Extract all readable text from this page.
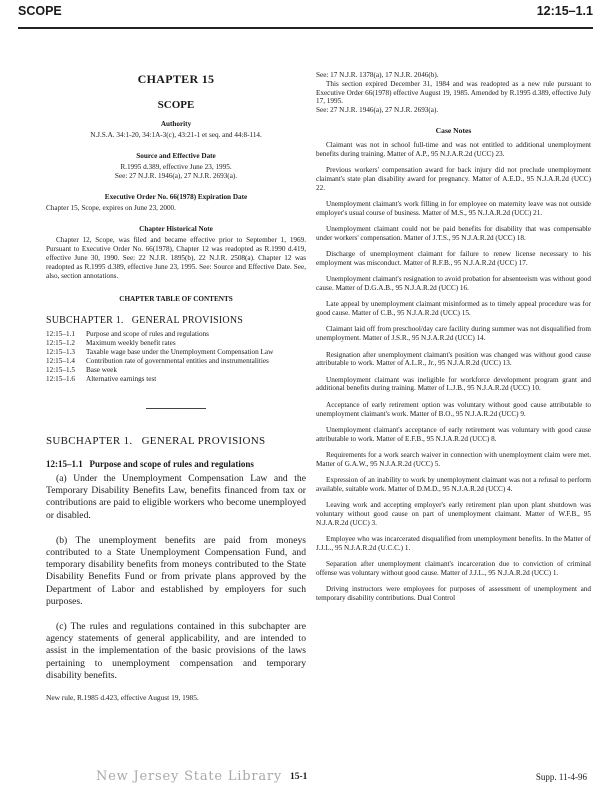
SCOPE	12:15–1.1

CHAPTER 15

SCOPE

Authority

N.J.S.A. 34:1-20, 34:1A-3(c), 43:21-1 et seq. and 44:8-114.

Source and Effective Date

R.1995 d.389, effective June 23, 1995.

See: 27 N.J.R. 1946(a), 27 N.J.R. 2693(a).

Executive Order No. 66(1978) Expiration Date

Chapter 15, Scope, expires on June 23, 2000.

Chapter Historical Note

Chapter 12, Scope, was filed and became effective prior to September 1, 1969. Pursuant to Executive Order No. 66(1978), Chapter 12 was readopted as R.1990 d.419, effective June 30, 1990. See: 22 N.J.R. 1895(b), 22 N.J.R. 2508(a). Chapter 12 was readopted as R.1995 d.389, effective June 23, 1995. See: Source and Effective Date. See, also, section annotations.

CHAPTER TABLE OF CONTENTS

SUBCHAPTER 1.   GENERAL PROVISIONS

12:15–1.1	Purpose and scope of rules and regulations
12:15–1.2	Maximum weekly benefit rates
12:15–1.3	Taxable wage base under the Unemployment Compensation Law
12:15–1.4	Contribution rate of governmental entities and instrumentalities
12:15–1.5	Base week
12:15–1.6	Alternative earnings test

SUBCHAPTER 1.   GENERAL PROVISIONS

12:15–1.1   Purpose and scope of rules and regulations

(a) Under the Unemployment Compensation Law and the Temporary Disability Benefits Law, benefits financed from tax or contributions are paid to eligible workers who become unemployed or disabled.

(b) The unemployment benefits are paid from moneys contributed to a State Unemployment Compensation Fund, and temporary disability benefits from moneys contributed to the State Disability Benefits Fund or from private plans approved by the Department of Labor and established by employers for such purposes.

(c) The rules and regulations contained in this subchapter are agency statements of general applicability, and are intended to assist in the implementation of the basic provisions of the laws pertaining to unemployment compensation and temporary disability benefits.

New rule, R.1985 d.423, effective August 19, 1985.

See: 17 N.J.R. 1378(a), 17 N.J.R. 2046(b).

This section expired December 31, 1984 and was readopted as a new rule pursuant to Executive Order 66(1978) effective August 19, 1985. Amended by R.1995 d.389, effective July 17, 1995.

See: 27 N.J.R. 1946(a), 27 N.J.R. 2693(a).

Case Notes

Claimant was not in school full-time and was not entitled to additional unemployment benefits during training. Matter of A.P., 95 N.J.A.R.2d (UCC) 23.

Previous workers' compensation award for back injury did not preclude unemployment claimant's state plan disability award for pregnancy. Matter of A.E.D., 95 N.J.A.R.2d (UCC) 22.

Unemployment claimant's work filling in for employee on maternity leave was not outside employer's usual course of business. Matter of M.S., 95 N.J.A.R.2d (UCC) 21.

Unemployment claimant could not be paid benefits for disability that was compensable under workers' compensation. Matter of J.T.S., 95 N.J.A.R.2d (UCC) 18.

Discharge of unemployment claimant for failure to renew license necessary to his employment was misconduct. Matter of R.F.B., 95 N.J.A.R.2d (UCC) 17.

Unemployment claimant's resignation to avoid probation for absenteeism was without good cause. Matter of D.G.A.B., 95 N.J.A.R.2d (UCC) 16.

Late appeal by unemployment claimant misinformed as to timely appeal procedure was for good cause. Matter of C.B., 95 N.J.A.R.2d (UCC) 15.

Claimant laid off from preschool/day care facility during summer was not disqualified from unemployment. Matter of J.S.R., 95 N.J.A.R.2d (UCC) 14.

Resignation after unemployment claimant's position was changed was without good cause attributable to work. Matter of A.L.R., Jr., 95 N.J.A.R.2d (UCC) 13.

Unemployment claimant was ineligible for workforce development program grant and additional benefits during training. Matter of L.J.B., 95 N.J.A.R.2d (UCC) 10.

Acceptance of early retirement option was voluntary without good cause attributable to unemployment claimant's work. Matter of B.O., 95 N.J.A.R.2d (UCC) 9.

Unemployment claimant's acceptance of early retirement was voluntary with good cause attributable to work. Matter of E.F.B., 95 N.J.A.R.2d (UCC) 8.

Requirements for a work search waiver in connection with unemployment claim were met. Matter of G.A.W., 95 N.J.A.R.2d (UCC) 5.

Expression of an inability to work by unemployment claimant was not a refusal to perform available, suitable work. Matter of D.M.D., 95 N.J.A.R.2d (UCC) 4.

Leaving work and accepting employer's early retirement plan upon plant shutdown was voluntary without good cause on part of unemployment claimant. Matter of W.F.B., 95 N.J.A.R.2d (UCC) 3.

Employee who was incarcerated disqualified from unemployment benefits. In the Matter of J.J.L., 95 N.J.A.R.2d (U.C.C.) 1.

Separation after unemployment claimant's incarceration due to conviction of criminal offense was voluntary without good cause. Matter of J.J.L., 95 N.J.A.R.2d (UCC) 1.

Driving instructors were employees for purposes of assessment of unemployment and temporary disability contributions. Dual Control

New Jersey State Library 15-1	Supp. 11-4-96
